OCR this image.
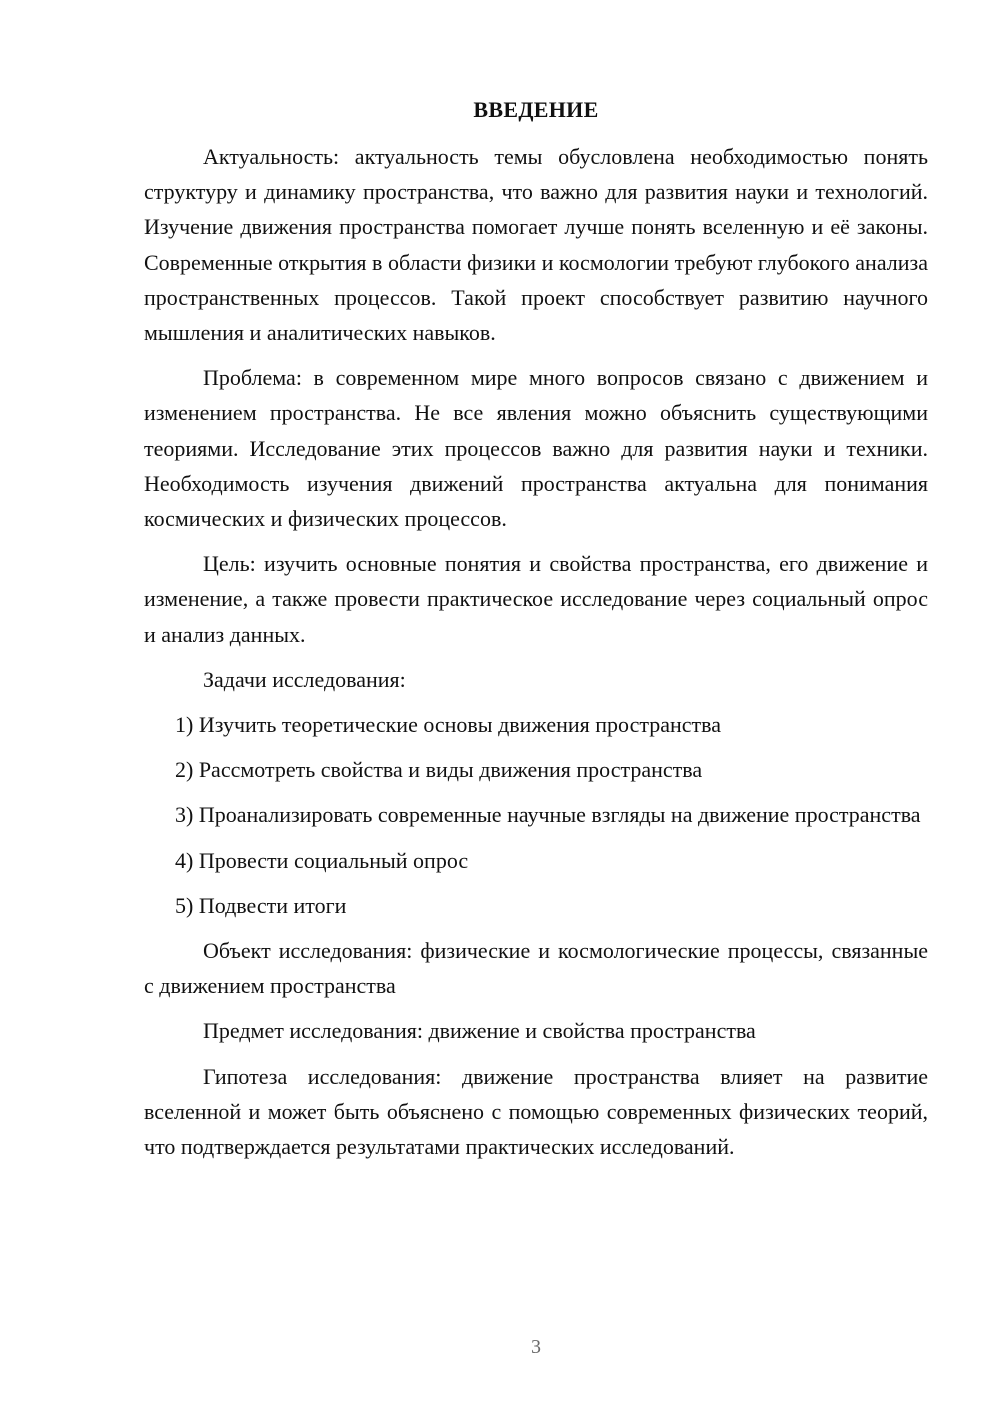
ВВЕДЕНИЕ

Актуальность: актуальность темы обусловлена необходимостью понять структуру и динамику пространства, что важно для развития науки и технологий. Изучение движения пространства помогает лучше понять вселенную и её законы. Современные открытия в области физики и космологии требуют глубокого анализа пространственных процессов. Такой проект способствует развитию научного мышления и аналитических навыков.

Проблема: в современном мире много вопросов связано с движением и изменением пространства. Не все явления можно объяснить существующими теориями. Исследование этих процессов важно для развития науки и техники. Необходимость изучения движений пространства актуальна для понимания космических и физических процессов.

Цель: изучить основные понятия и свойства пространства, его движение и изменение, а также провести практическое исследование через социальный опрос и анализ данных.

Задачи исследования:

1) Изучить теоретические основы движения пространства

2) Рассмотреть свойства и виды движения пространства

3) Проанализировать современные научные взгляды на движение пространства

4) Провести социальный опрос

5) Подвести итоги

Объект исследования: физические и космологические процессы, связанные с движением пространства

Предмет исследования: движение и свойства пространства

Гипотеза исследования: движение пространства влияет на развитие вселенной и может быть объяснено с помощью современных физических теорий, что подтверждается результатами практических исследований.

3
